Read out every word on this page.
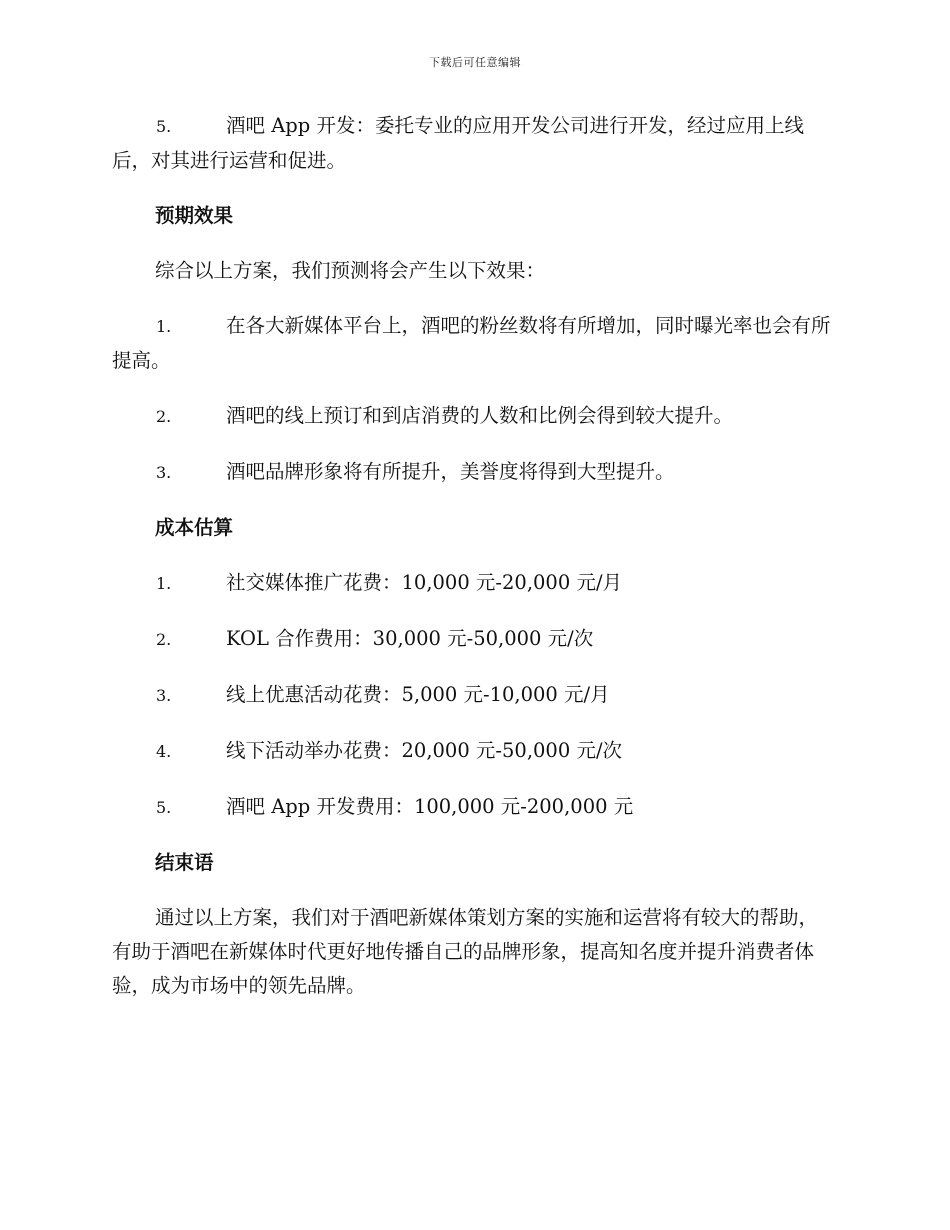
下载后可任意编辑

5.	酒吧 App 开发：委托专业的应用开发公司进行开发，经过应用上线后，对其进行运营和促进。

预期效果

综合以上方案，我们预测将会产生以下效果：

1.	在各大新媒体平台上，酒吧的粉丝数将有所增加，同时曝光率也会有所提高。

2.	酒吧的线上预订和到店消费的人数和比例会得到较大提升。

3.	酒吧品牌形象将有所提升，美誉度将得到大型提升。

成本估算

1.	社交媒体推广花费：10,000 元-20,000 元/月

2.	KOL 合作费用：30,000 元-50,000 元/次

3.	线上优惠活动花费：5,000 元-10,000 元/月

4.	线下活动举办花费：20,000 元-50,000 元/次

5.	酒吧 App 开发费用：100,000 元-200,000 元

结束语

通过以上方案，我们对于酒吧新媒体策划方案的实施和运营将有较大的帮助，有助于酒吧在新媒体时代更好地传播自己的品牌形象，提高知名度并提升消费者体验，成为市场中的领先品牌。
